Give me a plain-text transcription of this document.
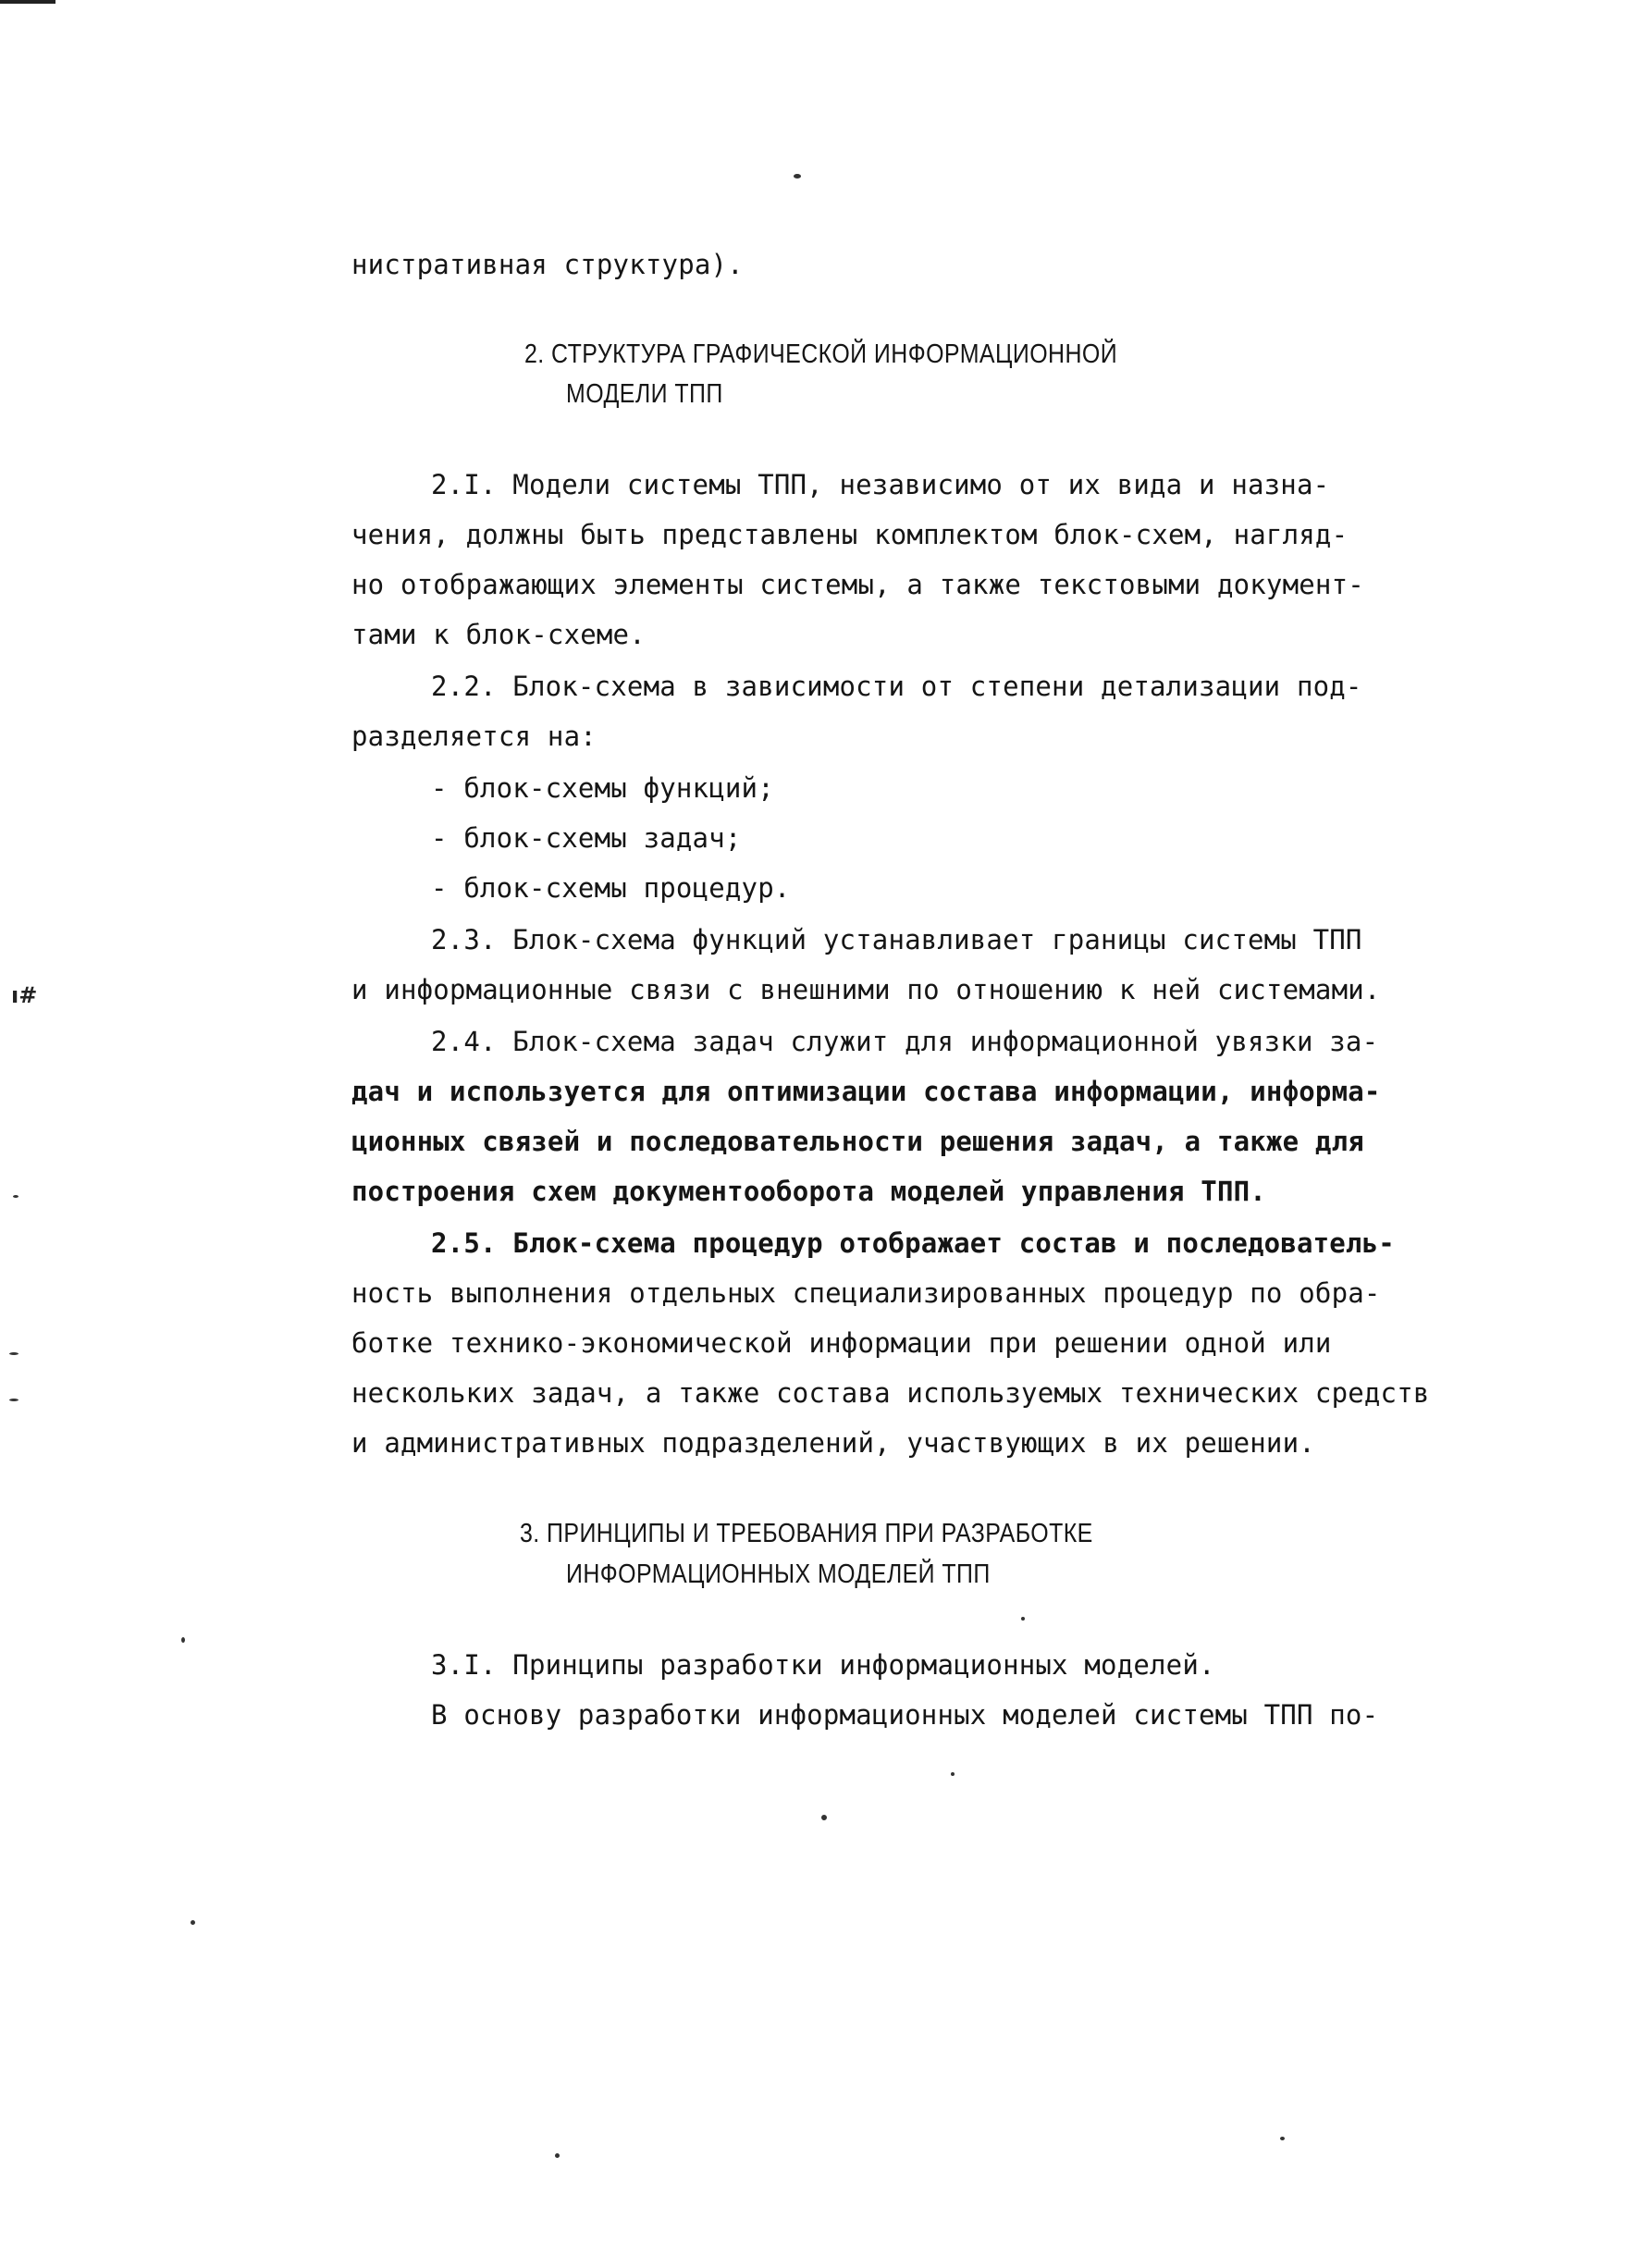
нистративная структура).
2. СТРУКТУРА ГРАФИЧЕСКОЙ ИНФОРМАЦИОННОЙ
МОДЕЛИ ТПП
2.I. Модели системы ТПП, независимо от их вида и назна-
чения, должны быть представлены комплектом блок-схем, нагляд-
но отображающих элементы системы, а также текстовыми документ-
тами к блок-схеме.
2.2. Блок-схема в зависимости от степени детализации под-
разделяется на:
- блок-схемы функций;
- блок-схемы задач;
- блок-схемы процедур.
2.3. Блок-схема функций устанавливает границы системы ТПП
и информационные связи с внешними по отношению к ней системами.
2.4. Блок-схема задач служит для информационной увязки за-
дач и используется для оптимизации состава информации, информа-
ционных связей и последовательности решения задач, а также для
построения схем документооборота моделей управления ТПП.
2.5. Блок-схема процедур отображает состав и последователь-
ность выполнения отдельных специализированных процедур по обра-
ботке технико-экономической информации при решении одной или
нескольких задач, а также состава используемых технических средств
и административных подразделений, участвующих в их решении.
3. ПРИНЦИПЫ И ТРЕБОВАНИЯ ПРИ РАЗРАБОТКЕ
ИНФОРМАЦИОННЫХ МОДЕЛЕЙ ТПП
3.I. Принципы разработки информационных моделей.
В основу разработки информационных моделей системы ТПП по-
ı#
